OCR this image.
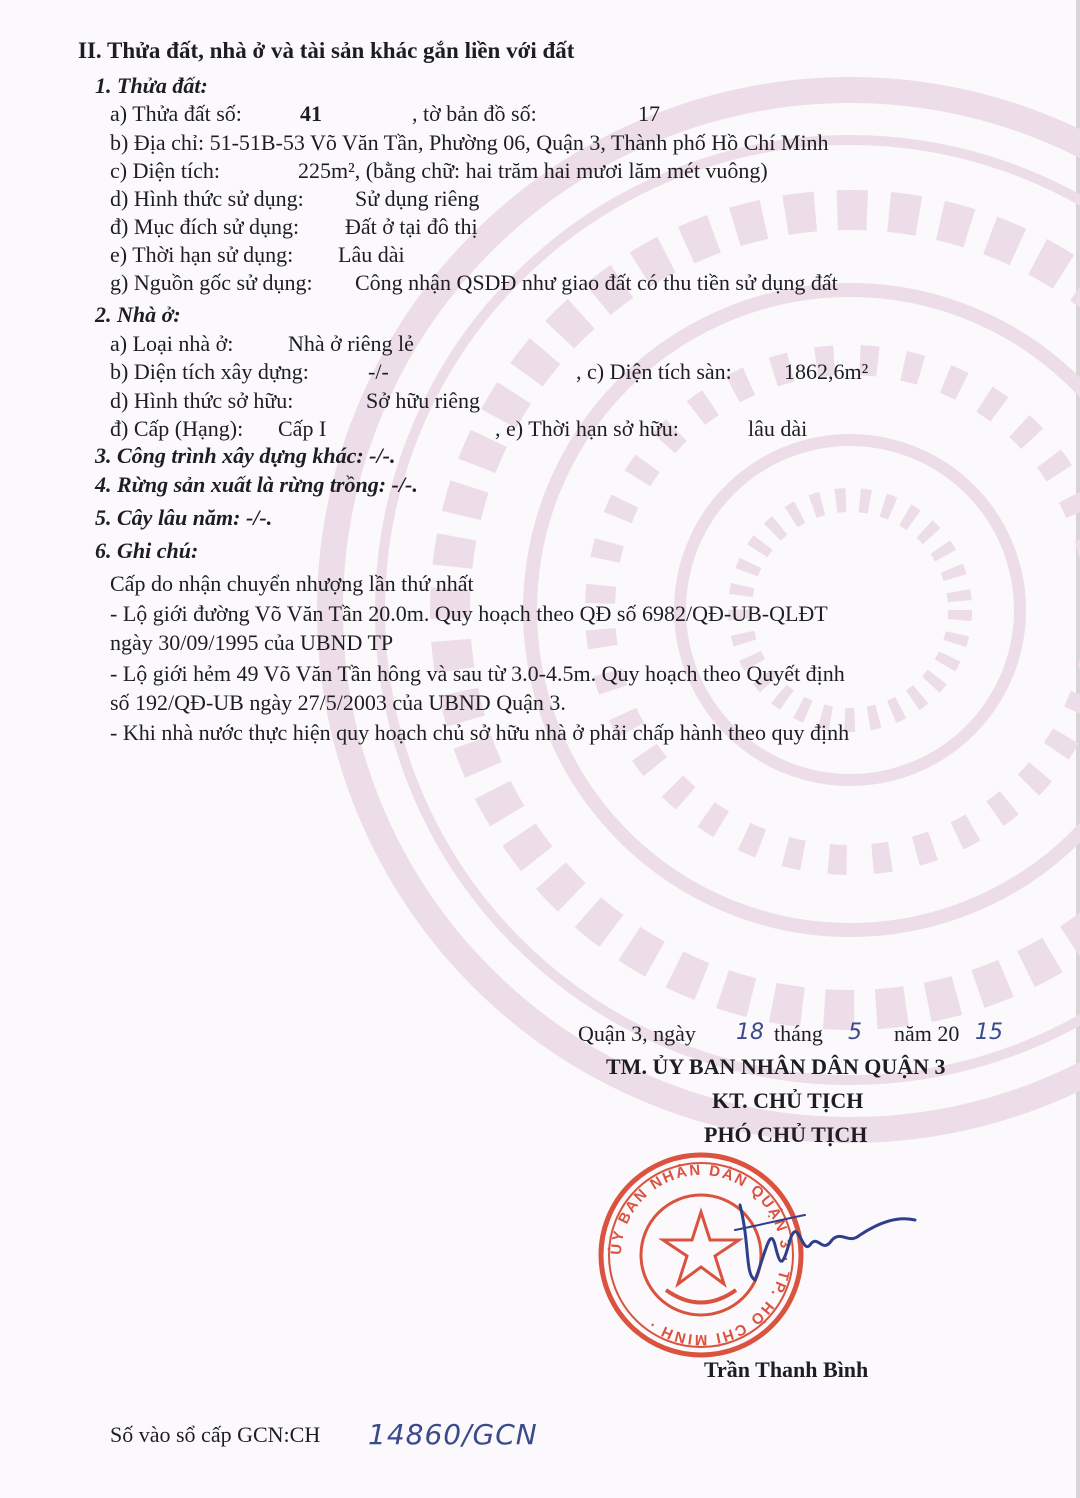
II. Thửa đất, nhà ở và tài sản khác gắn liền với đất
1. Thửa đất:
a) Thửa đất số:	41	, tờ bản đồ số:	17
b) Địa chỉ: 51-51B-53 Võ Văn Tần, Phường 06, Quận 3, Thành phố Hồ Chí Minh
c) Diện tích:	225m², (bằng chữ: hai trăm hai mươi lăm mét vuông)
d) Hình thức sử dụng: Sử dụng riêng
đ) Mục đích sử dụng: Đất ở tại đô thị
e) Thời hạn sử dụng: Lâu dài
g) Nguồn gốc sử dụng: Công nhận QSDĐ như giao đất có thu tiền sử dụng đất
2. Nhà ở:
a) Loại nhà ở: Nhà ở riêng lẻ
b) Diện tích xây dựng:	-/-	, c) Diện tích sàn: 1862,6m²
d) Hình thức sở hữu:	Sở hữu riêng
đ) Cấp (Hạng): Cấp I	, e) Thời hạn sở hữu:	lâu dài
3. Công trình xây dựng khác: -/-.
4. Rừng sản xuất là rừng trồng: -/-.
5. Cây lâu năm: -/-.
6. Ghi chú:
Cấp do nhận chuyển nhượng lần thứ nhất
- Lộ giới đường Võ Văn Tần 20.0m. Quy hoạch theo QĐ số 6982/QĐ-UB-QLĐT
ngày 30/09/1995 của UBND TP
- Lộ giới hẻm 49 Võ Văn Tần hông và sau từ 3.0-4.5m. Quy hoạch theo Quyết định
số 192/QĐ-UB ngày 27/5/2003 của UBND Quận 3.
- Khi nhà nước thực hiện quy hoạch chủ sở hữu nhà ở phải chấp hành theo quy định
Quận 3, ngày 18 tháng 5 năm 20 15
TM. ỦY BAN NHÂN DÂN QUẬN 3
KT. CHỦ TỊCH
PHÓ CHỦ TỊCH
ỦY BAN NHÂN DÂN QUẬN 3 · TP. HỒ CHÍ MINH ·
Trần Thanh Bình
Số vào sổ cấp GCN:CH 14860/GCN
